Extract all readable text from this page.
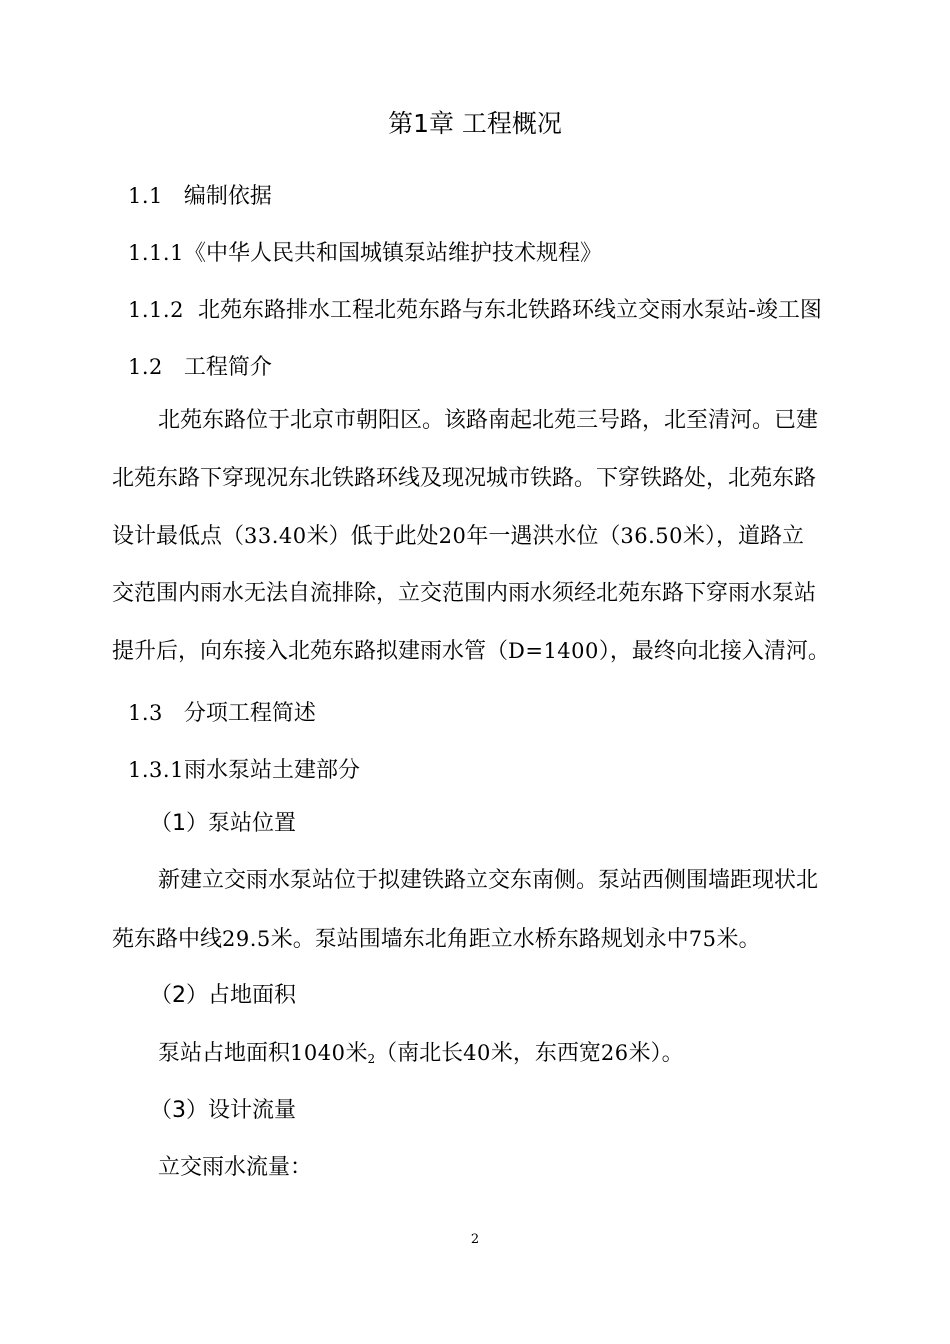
第1章 工程概况
1.1 编制依据
1.1.1《中华人民共和国城镇泵站维护技术规程》
1.1.2 北苑东路排水工程北苑东路与东北铁路环线立交雨水泵站-竣工图
1.2 工程简介
北苑东路位于北京市朝阳区。该路南起北苑三号路，北至清河。已建
北苑东路下穿现况东北铁路环线及现况城市铁路。下穿铁路处，北苑东路
设计最低点（33.40米）低于此处20年一遇洪水位（36.50米），道路立
交范围内雨水无法自流排除，立交范围内雨水须经北苑东路下穿雨水泵站
提升后，向东接入北苑东路拟建雨水管（D=1400），最终向北接入清河。
1.3 分项工程简述
1.3.1雨水泵站土建部分
（1）泵站位置
新建立交雨水泵站位于拟建铁路立交东南侧。泵站西侧围墙距现状北
苑东路中线29.5米。泵站围墙东北角距立水桥东路规划永中75米。
（2）占地面积
泵站占地面积1040米$_2$（南北长40米，东西宽26米）。
（3）设计流量
立交雨水流量：
2
